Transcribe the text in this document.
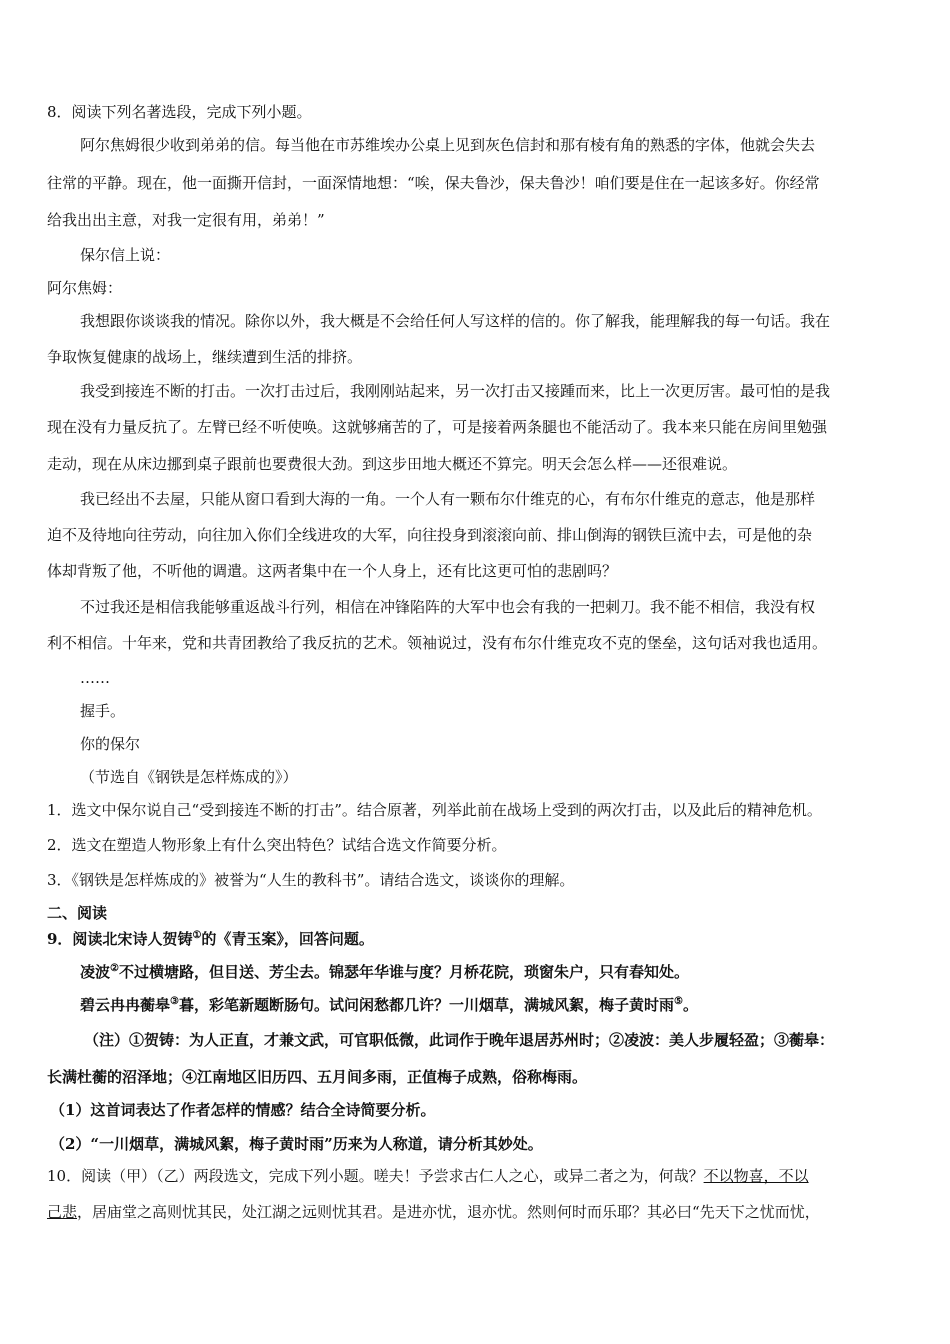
8．阅读下列名著选段，完成下列小题。
阿尔焦姆很少收到弟弟的信。每当他在市苏维埃办公桌上见到灰色信封和那有棱有角的熟悉的字体，他就会失去
往常的平静。现在，他一面撕开信封，一面深情地想：“唉，保夫鲁沙，保夫鲁沙！咱们要是住在一起该多好。你经常
给我出出主意，对我一定很有用，弟弟！”
保尔信上说：
阿尔焦姆：
我想跟你谈谈我的情况。除你以外，我大概是不会给任何人写这样的信的。你了解我，能理解我的每一句话。我在
争取恢复健康的战场上，继续遭到生活的排挤。
我受到接连不断的打击。一次打击过后，我刚刚站起来，另一次打击又接踵而来，比上一次更厉害。最可怕的是我
现在没有力量反抗了。左臂已经不听使唤。这就够痛苦的了，可是接着两条腿也不能活动了。我本来只能在房间里勉强
走动，现在从床边挪到桌子跟前也要费很大劲。到这步田地大概还不算完。明天会怎么样——还很难说。
我已经出不去屋，只能从窗口看到大海的一角。一个人有一颗布尔什维克的心，有布尔什维克的意志，他是那样
迫不及待地向往劳动，向往加入你们全线进攻的大军，向往投身到滚滚向前、排山倒海的钢铁巨流中去，可是他的杂
体却背叛了他，不听他的调遣。这两者集中在一个人身上，还有比这更可怕的悲剧吗？
不过我还是相信我能够重返战斗行列，相信在冲锋陷阵的大军中也会有我的一把刺刀。我不能不相信，我没有权
利不相信。十年来，党和共青团教给了我反抗的艺术。领袖说过，没有布尔什维克攻不克的堡垒，这句话对我也适用。
……
握手。
你的保尔
（节选自《钢铁是怎样炼成的》）
1．选文中保尔说自己“受到接连不断的打击”。结合原著，列举此前在战场上受到的两次打击，以及此后的精神危机。
2．选文在塑造人物形象上有什么突出特色？试结合选文作简要分析。
3．《钢铁是怎样炼成的》被誉为“人生的教科书”。请结合选文，谈谈你的理解。
二、阅读
9．阅读北宋诗人贺铸①的《青玉案》，回答问题。
凌波②不过横塘路，但目送、芳尘去。锦瑟年华谁与度？月桥花院，琐窗朱户，只有春知处。
碧云冉冉蘅皋③暮，彩笔新题断肠句。试问闲愁都几许？一川烟草，满城风絮，梅子黄时雨⑤。
（注）①贺铸：为人正直，才兼文武，可官职低微，此词作于晚年退居苏州时；②凌波：美人步履轻盈；③蘅皋：
长满杜蘅的沼泽地；④江南地区旧历四、五月间多雨，正值梅子成熟，俗称梅雨。
（1）这首词表达了作者怎样的情感？结合全诗简要分析。
（2）“一川烟草，满城风絮，梅子黄时雨”历来为人称道，请分析其妙处。
10．阅读（甲）（乙）两段选文，完成下列小题。嗟夫！予尝求古仁人之心，或异二者之为，何哉？不以物喜，不以
己悲，居庙堂之高则忧其民，处江湖之远则忧其君。是进亦忧，退亦忧。然则何时而乐耶？其必曰“先天下之忧而忧，
